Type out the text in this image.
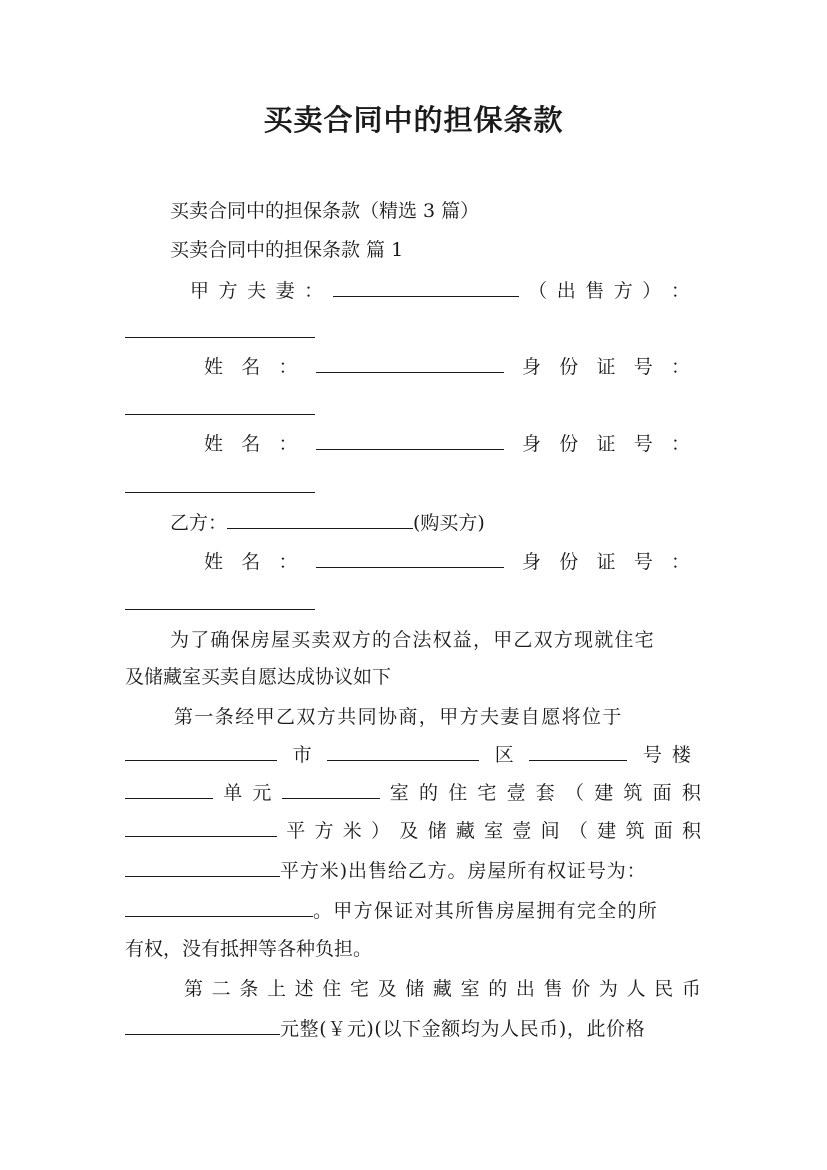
买卖合同中的担保条款
买卖合同中的担保条款（精选 3 篇）
买卖合同中的担保条款 篇 1
甲 方 夫 妻 ：	（ 出 售 方 ） ：
姓 名 ：	身 份 证 号 ：
姓 名 ：	身 份 证 号 ：
乙方：	(购买方)
姓 名 ：	身 份 证 号 ：
为了确保房屋买卖双方的合法权益，甲乙双方现就住宅
及储藏室买卖自愿达成协议如下
第一条经甲乙双方共同协商，甲方夫妻自愿将位于
市	区	号楼
单 元	室 的 住 宅 壹 套 （ 建 筑 面 积
平 方 米 ） 及 储 藏 室 壹 间 （ 建 筑 面 积
平方米)出售给乙方。房屋所有权证号为：
。甲方保证对其所售房屋拥有完全的所
有权，没有抵押等各种负担。
第 二 条 上 述 住 宅 及 储 藏 室 的 出 售 价 为 人 民 币
元整(￥元)(以下金额均为人民币)，此价格
